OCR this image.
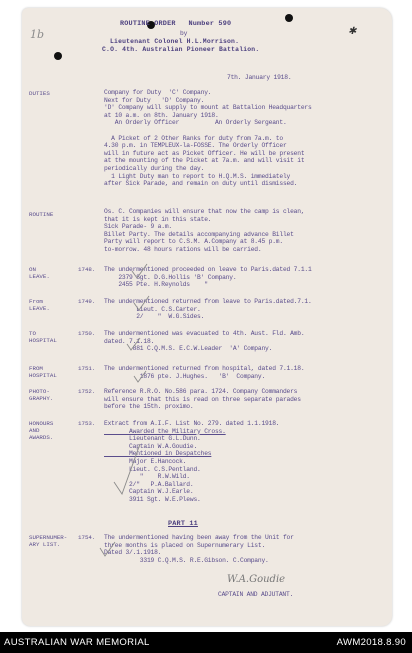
1b	✱
ROUTINE ORDER Number 590
by
Lieutenant Colonel H.L.Morrison.
C.O. 4th. Australian Pioneer Battalion.
7th. January 1918.
DUTIES	Company for Duty  'C' Company.
Next for Duty   'D' Company.
'D' Company will supply to mount at Battalion Headquarters
at 10 a.m. on 8th. January 1918.
An Orderly Officer          An Orderly Sergeant.
A Picket of 2 Other Ranks for duty from 7a.m. to
4.30 p.m. in TEMPLEUX-la-FOSSE. The Orderly Officer
will in future act as Picket Officer. He will be present
at the mounting of the Picket at 7a.m. and will visit it
periodically during the day.
1 Light Duty man to report to H.Q.M.S. immediately
after Sick Parade, and remain on duty until dismissed.
ROUTINE	Os. C. Companies will ensure that now the camp is clean,
that it is kept in this state.
Sick Parade- 9 a.m.
Billet Party. The details accompanying advance Billet
Party will report to C.S.M. A.Company at 8.45 p.m.
to-morrow. 48 hours rations will be carried.
ON
LEAVE.
1748. The undermentioned proceeded on leave to Paris.dated 7.1.1
2379 Sgt. D.G.Hollis 'B' Company.
2455 Pte. H.Reynolds    "
From
LEAVE.
1749. The undermentioned returned from leave to Paris.dated.7.1.
Lieut. C.S.Carter.
2/    "  W.G.Sides.
TO
HOSPITAL
1750. The undermentioned was evacuated to 4th. Aust. Fld. Amb.
dated. 7.1.18.
881 C.Q.M.S. E.C.W.Leader  'A' Company.
FROM
HOSPITAL
1751. The undermentioned returned from hospital, dated 7.1.18.
1876 pte. J.Hughes.   'B'  Company.
PHOTO-
GRAPHY.
1752. Reference R.R.O. No.586 para. 1724. Company Commanders
will ensure that this is read on three separate parades
before the 15th. proximo.
HONOURS
AND
AWARDS.
1753. Extract from A.I.F. List No. 279. dated 1.1.1918.
Awarded the Military Cross.
Lieutenant G.L.Dunn.
Captain W.A.Goudie.
Mentioned in Despatches
Major E.Hancock.
Lieut. C.S.Pentland.
"    R.W.Wild.
2/"   P.A.Ballard.
Captain W.J.Earle.
3911 Sgt. W.E.Plews.
SUPERNUMER-
ARY LIST.
1754. The undermentioned having been away from the Unit for
three months is placed on Supernumerary List.
Dated 3/.1.1918.
3319 C.Q.M.S. R.E.Gibson. C.Company.
PART 11
W.A.Goudie
CAPTAIN AND ADJUTANT.
AUSTRALIAN WAR MEMORIAL	AWM2018.8.90
